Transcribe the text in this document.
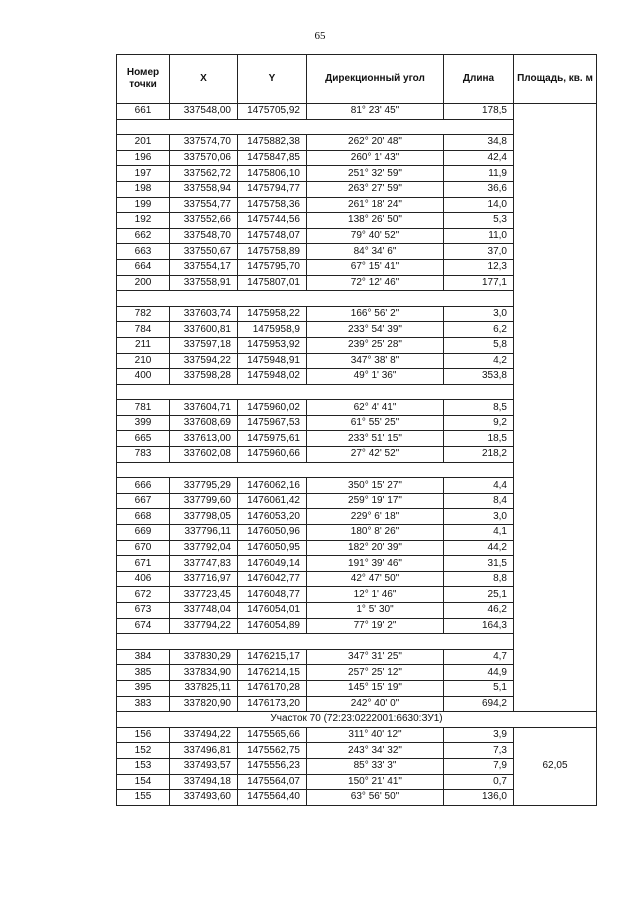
65
Номер точки	X	Y	Дирекционный угол	Длина	Площадь, кв. м
661	337548,00	1475705,92	81° 23' 45"	178,5	

201	337574,70	1475882,38	262° 20' 48"	34,8	
196	337570,06	1475847,85	260° 1' 43"	42,4	
197	337562,72	1475806,10	251° 32' 59"	11,9	
198	337558,94	1475794,77	263° 27' 59"	36,6	
199	337554,77	1475758,36	261° 18' 24"	14,0	
192	337552,66	1475744,56	138° 26' 50"	5,3	
662	337548,70	1475748,07	79° 40' 52"	11,0	
663	337550,67	1475758,89	84° 34' 6"	37,0	
664	337554,17	1475795,70	67° 15' 41"	12,3	
200	337558,91	1475807,01	72° 12' 46"	177,1	

782	337603,74	1475958,22	166° 56' 2"	3,0	
784	337600,81	1475958,9	233° 54' 39"	6,2	
211	337597,18	1475953,92	239° 25' 28"	5,8	
210	337594,22	1475948,91	347° 38' 8"	4,2	
400	337598,28	1475948,02	49° 1' 36"	353,8	

781	337604,71	1475960,02	62° 4' 41"	8,5	
399	337608,69	1475967,53	61° 55' 25"	9,2	
665	337613,00	1475975,61	233° 51' 15"	18,5	
783	337602,08	1475960,66	27° 42' 52"	218,2	

666	337795,29	1476062,16	350° 15' 27"	4,4	
667	337799,60	1476061,42	259° 19' 17"	8,4	
668	337798,05	1476053,20	229° 6' 18"	3,0	
669	337796,11	1476050,96	180° 8' 26"	4,1	
670	337792,04	1476050,95	182° 20' 39"	44,2	
671	337747,83	1476049,14	191° 39' 46"	31,5	
406	337716,97	1476042,77	42° 47' 50"	8,8	
672	337723,45	1476048,77	12° 1' 46"	25,1	
673	337748,04	1476054,01	1° 5' 30"	46,2	
674	337794,22	1476054,89	77° 19' 2"	164,3	

384	337830,29	1476215,17	347° 31' 25"	4,7	
385	337834,90	1476214,15	257° 25' 12"	44,9	
395	337825,11	1476170,28	145° 15' 19"	5,1	
383	337820,90	1476173,20	242° 40' 0"	694,2	
Участок 70 (72:23:0222001:6630:ЗУ1)					
156	337494,22	1475565,66	311° 40' 12"	3,9	62,05
152	337496,81	1475562,75	243° 34' 32"	7,3	
153	337493,57	1475556,23	85° 33' 3"	7,9	
154	337494,18	1475564,07	150° 21' 41"	0,7	
155	337493,60	1475564,40	63° 56' 50"	136,0	
